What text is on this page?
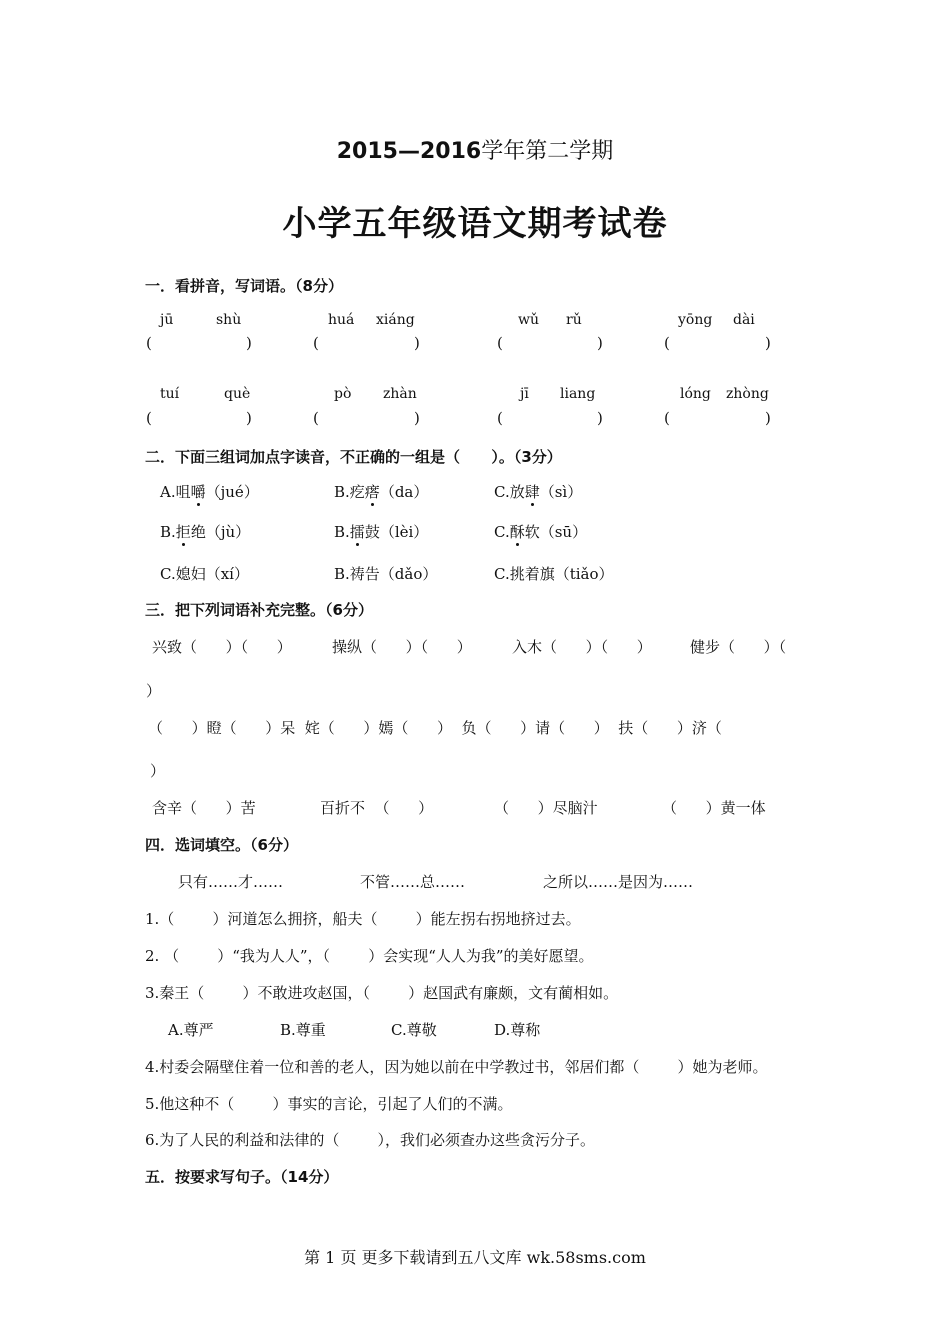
2015—2016学年第二学期
小学五年级语文期考试卷
一．看拼音，写词语。（8分）
jū	shù	huá xiáng	wǔ rǔ	yōng dài
(	)	(	)	(	)	(	)
tuí	què	pò zhàn	jī liang	lóng zhòng
(	)	(	)	(	)	(	)
二．下面三组词加点字读音，不正确的一组是（      ）。（3分）
A.咀嚼（jué）	B.疙瘩（da）	C.放肆（sì）
B.拒绝（jù）	B.擂鼓（lèi）	C.酥软（sū）
C.媳妇（xí）	B.祷告（dǎo）	C.挑着旗（tiǎo）
三．把下列词语补充完整。（6分）
兴致（      ）（      ）	操纵（      ）（      ）	入木（      ）（      ）	健步（      ）（
）
（      ）瞪（      ）呆  姹（      ）嫣（      ）  负（      ）请（      ）  扶（      ）济（
）
含辛（      ）苦	百折不  （      ）	（      ）尽脑汁	（      ）黄一体
四．选词填空。（6分）
只有……才……	不管……总……	之所以……是因为……
1.（        ）河道怎么拥挤，船夫（        ）能左拐右拐地挤过去。
2. （        ）“我为人人”，（        ）会实现“人人为我”的美好愿望。
3.秦王（        ）不敢进攻赵国，（        ）赵国武有廉颇，文有蔺相如。
A.尊严	B.尊重	C.尊敬	D.尊称
4.村委会隔壁住着一位和善的老人，因为她以前在中学教过书，邻居们都（        ）她为老师。
5.他这种不（        ）事实的言论，引起了人们的不满。
6.为了人民的利益和法律的（        ），我们必须查办这些贪污分子。
五．按要求写句子。（14分）
第 1 页 更多下载请到五八文库 wk.58sms.com
